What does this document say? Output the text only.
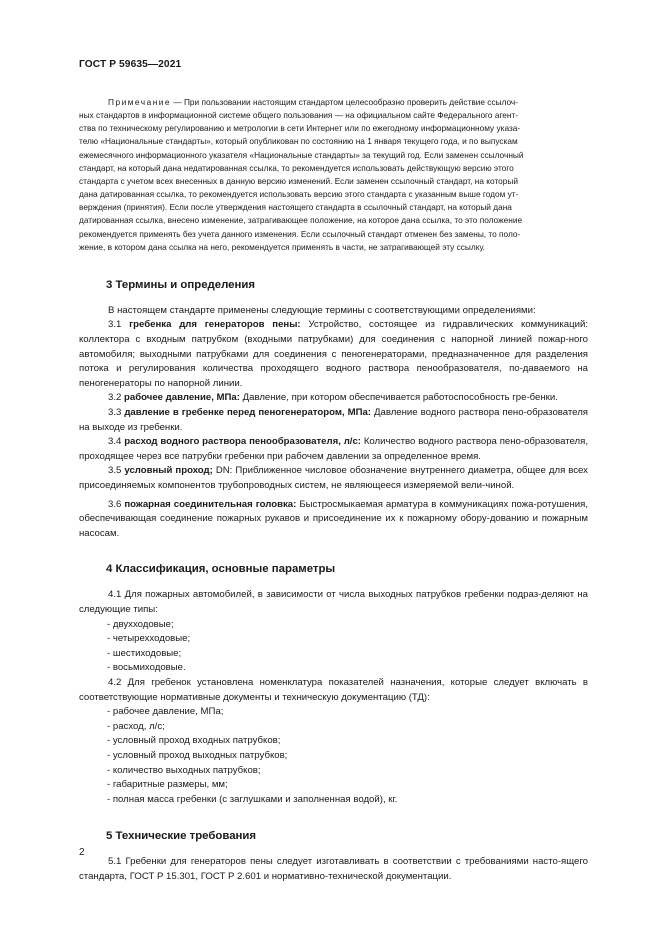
ГОСТ Р 59635—2021

Примечание — При пользовании настоящим стандартом целесообразно проверить действие ссылоч-

ных стандартов в информационной системе общего пользования — на официальном сайте Федерального агент-

ства по техническому регулированию и метрологии в сети Интернет или по ежегодному информационному указа-

телю «Национальные стандарты», который опубликован по состоянию на 1 января текущего года, и по выпускам

ежемесячного информационного указателя «Национальные стандарты» за текущий год. Если заменен ссылочный

стандарт, на который дана недатированная ссылка, то рекомендуется использовать действующую версию этого

стандарта с учетом всех внесенных в данную версию изменений. Если заменен ссылочный стандарт, на который

дана датированная ссылка, то рекомендуется использовать версию этого стандарта с указанным выше годом ут-

верждения (принятия). Если после утверждения настоящего стандарта в ссылочный стандарт, на который дана

датированная ссылка, внесено изменение, затрагивающее положение, на которое дана ссылка, то это положение

рекомендуется применять без учета данного изменения. Если ссылочный стандарт отменен без замены, то поло-

жение, в котором дана ссылка на него, рекомендуется применять в части, не затрагивающей эту ссылку.

3 Термины и определения

В настоящем стандарте применены следующие термины с соответствующими определениями:

3.1 гребенка для генераторов пены: Устройство, состоящее из гидравлических коммуникаций: коллектора с входным патрубком (входными патрубками) для соединения с напорной линией пожар-ного автомобиля; выходными патрубками для соединения с пеногенераторами, предназначенное для разделения потока и регулирования количества проходящего водного раствора пенообразователя, по-даваемого на пеногенераторы по напорной линии.

3.2 рабочее давление, МПа: Давление, при котором обеспечивается работоспособность гре-бенки.

3.3 давление в гребенке перед пеногенератором, МПа: Давление водного раствора пено-образователя на выходе из гребенки.

3.4 расход водного раствора пенообразователя, л/с: Количество водного раствора пено-образователя, проходящее через все патрубки гребенки при рабочем давлении за определенное время.

3.5 условный проход; DN: Приближенное числовое обозначение внутреннего диаметра, общее для всех присоединяемых компонентов трубопроводных систем, не являющееся измеряемой вели-чиной.

3.6 пожарная соединительная головка: Быстросмыкаемая арматура в коммуникациях пожа-ротушения, обеспечивающая соединение пожарных рукавов и присоединение их к пожарному обору-дованию и пожарным насосам.

4 Классификация, основные параметры

4.1 Для пожарных автомобилей, в зависимости от числа выходных патрубков гребенки подраз-деляют на следующие типы:

- двухходовые;
- четырехходовые;
- шестиходовые;
- восьмиходовые.

4.2 Для гребенок установлена номенклатура показателей назначения, которые следует включать в соответствующие нормативные документы и техническую документацию (ТД):

- рабочее давление, МПа;
- расход, л/с;
- условный проход входных патрубков;
- условный проход выходных патрубков;
- количество выходных патрубков;
- габаритные размеры, мм;
- полная масса гребенки (с заглушками и заполненная водой), кг.
5 Технические требования

5.1 Гребенки для генераторов пены следует изготавливать в соответствии с требованиями насто-ящего стандарта, ГОСТ Р 15.301, ГОСТ Р 2.601 и нормативно-технической документации.

2
